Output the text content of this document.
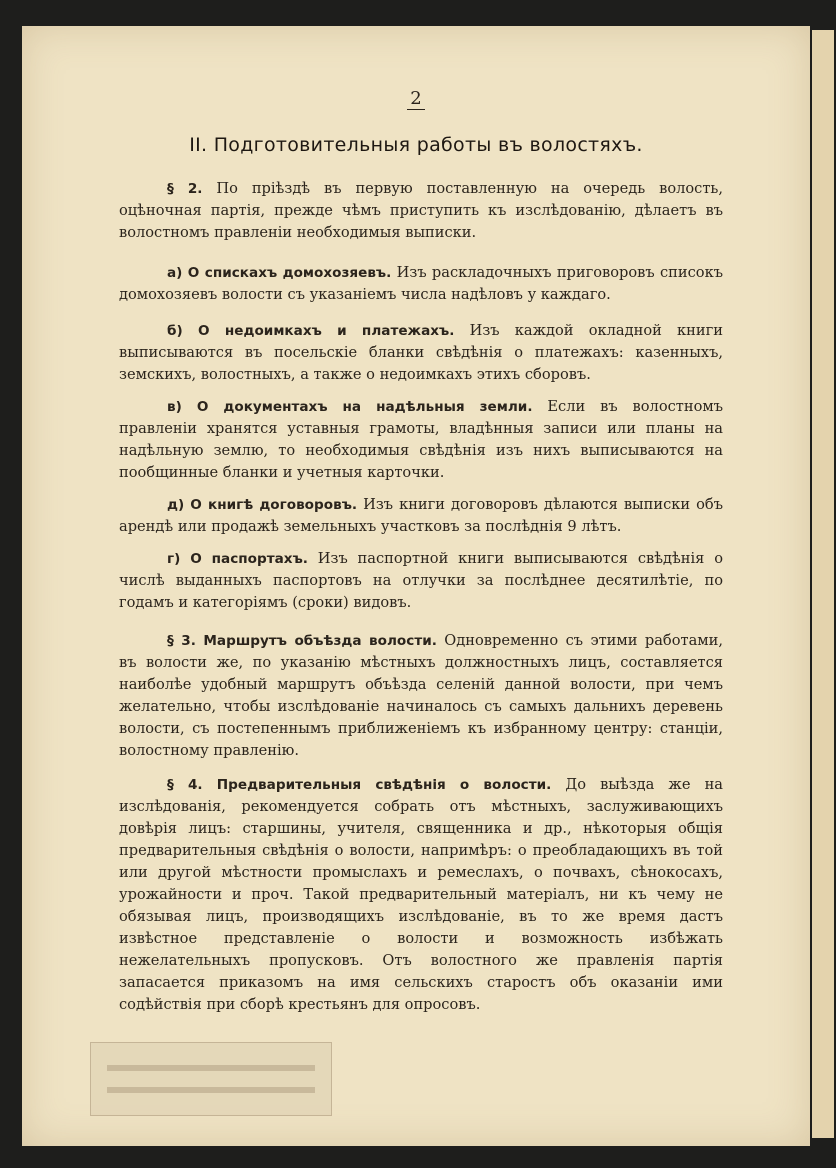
2
II. Подготовительныя работы въ волостяхъ.
§ 2. По прiѣздѣ въ первую поставленную на очередь волость, оцѣночная партія, прежде чѣмъ приступить къ изслѣдованію, дѣлаетъ въ волостномъ правленіи необходимыя выписки.
а) О спискахъ домохозяевъ. Изъ раскладочныхъ приговоровъ списокъ домохозяевъ волости съ указаніемъ числа надѣловъ у каждаго.
б) О недоимкахъ и платежахъ. Изъ каждой окладной книги выписываются въ посельскіе бланки свѣдѣнія о платежахъ: казенныхъ, земскихъ, волостныхъ, а также о недоимкахъ этихъ сборовъ.
в) О документахъ на надѣльныя земли. Если въ волостномъ правленіи хранятся уставныя грамоты, владѣнныя записи или планы на надѣльную землю, то необходимыя свѣдѣнія изъ нихъ выписываются на пообщинные бланки и учетныя карточки.
д) О книгѣ договоровъ. Изъ книги договоровъ дѣлаются выписки объ арендѣ или продажѣ земельныхъ участковъ за послѣднія 9 лѣтъ.
г) О паспортахъ. Изъ паспортной книги выписываются свѣдѣнія о числѣ выданныхъ паспортовъ на отлучки за послѣднее десятилѣтіе, по годамъ и категоріямъ (сроки) видовъ.
§ 3. Маршрутъ объѣзда волости. Одновременно съ этими работами, въ волости же, по указанію мѣстныхъ должностныхъ лицъ, составляется наиболѣе удобный маршрутъ объѣзда селеній данной волости, при чемъ желательно, чтобы изслѣдованіе начиналось съ самыхъ дальнихъ деревень волости, съ постепеннымъ приближеніемъ къ избранному центру: станціи, волостному правленію.
§ 4. Предварительныя свѣдѣнія о волости. До выѣзда же на изслѣдованія, рекомендуется собрать отъ мѣстныхъ, заслуживающихъ довѣрія лицъ: старшины, учителя, священника и др., нѣкоторыя общія предварительныя свѣдѣнія о волости, напримѣръ: о преобладающихъ въ той или другой мѣстности промыслахъ и ремеслахъ, о почвахъ, сѣнокосахъ, урожайности и проч. Такой предварительный матеріалъ, ни къ чему не обязывая лицъ, производящихъ изслѣдованіе, въ то же время дастъ извѣстное представленіе о волости и возможность избѣжать нежелательныхъ пропусковъ. Отъ волостного же правленія партія запасается приказомъ на имя сельскихъ старостъ объ оказаніи ими содѣйствія при сборѣ крестьянъ для опросовъ.
